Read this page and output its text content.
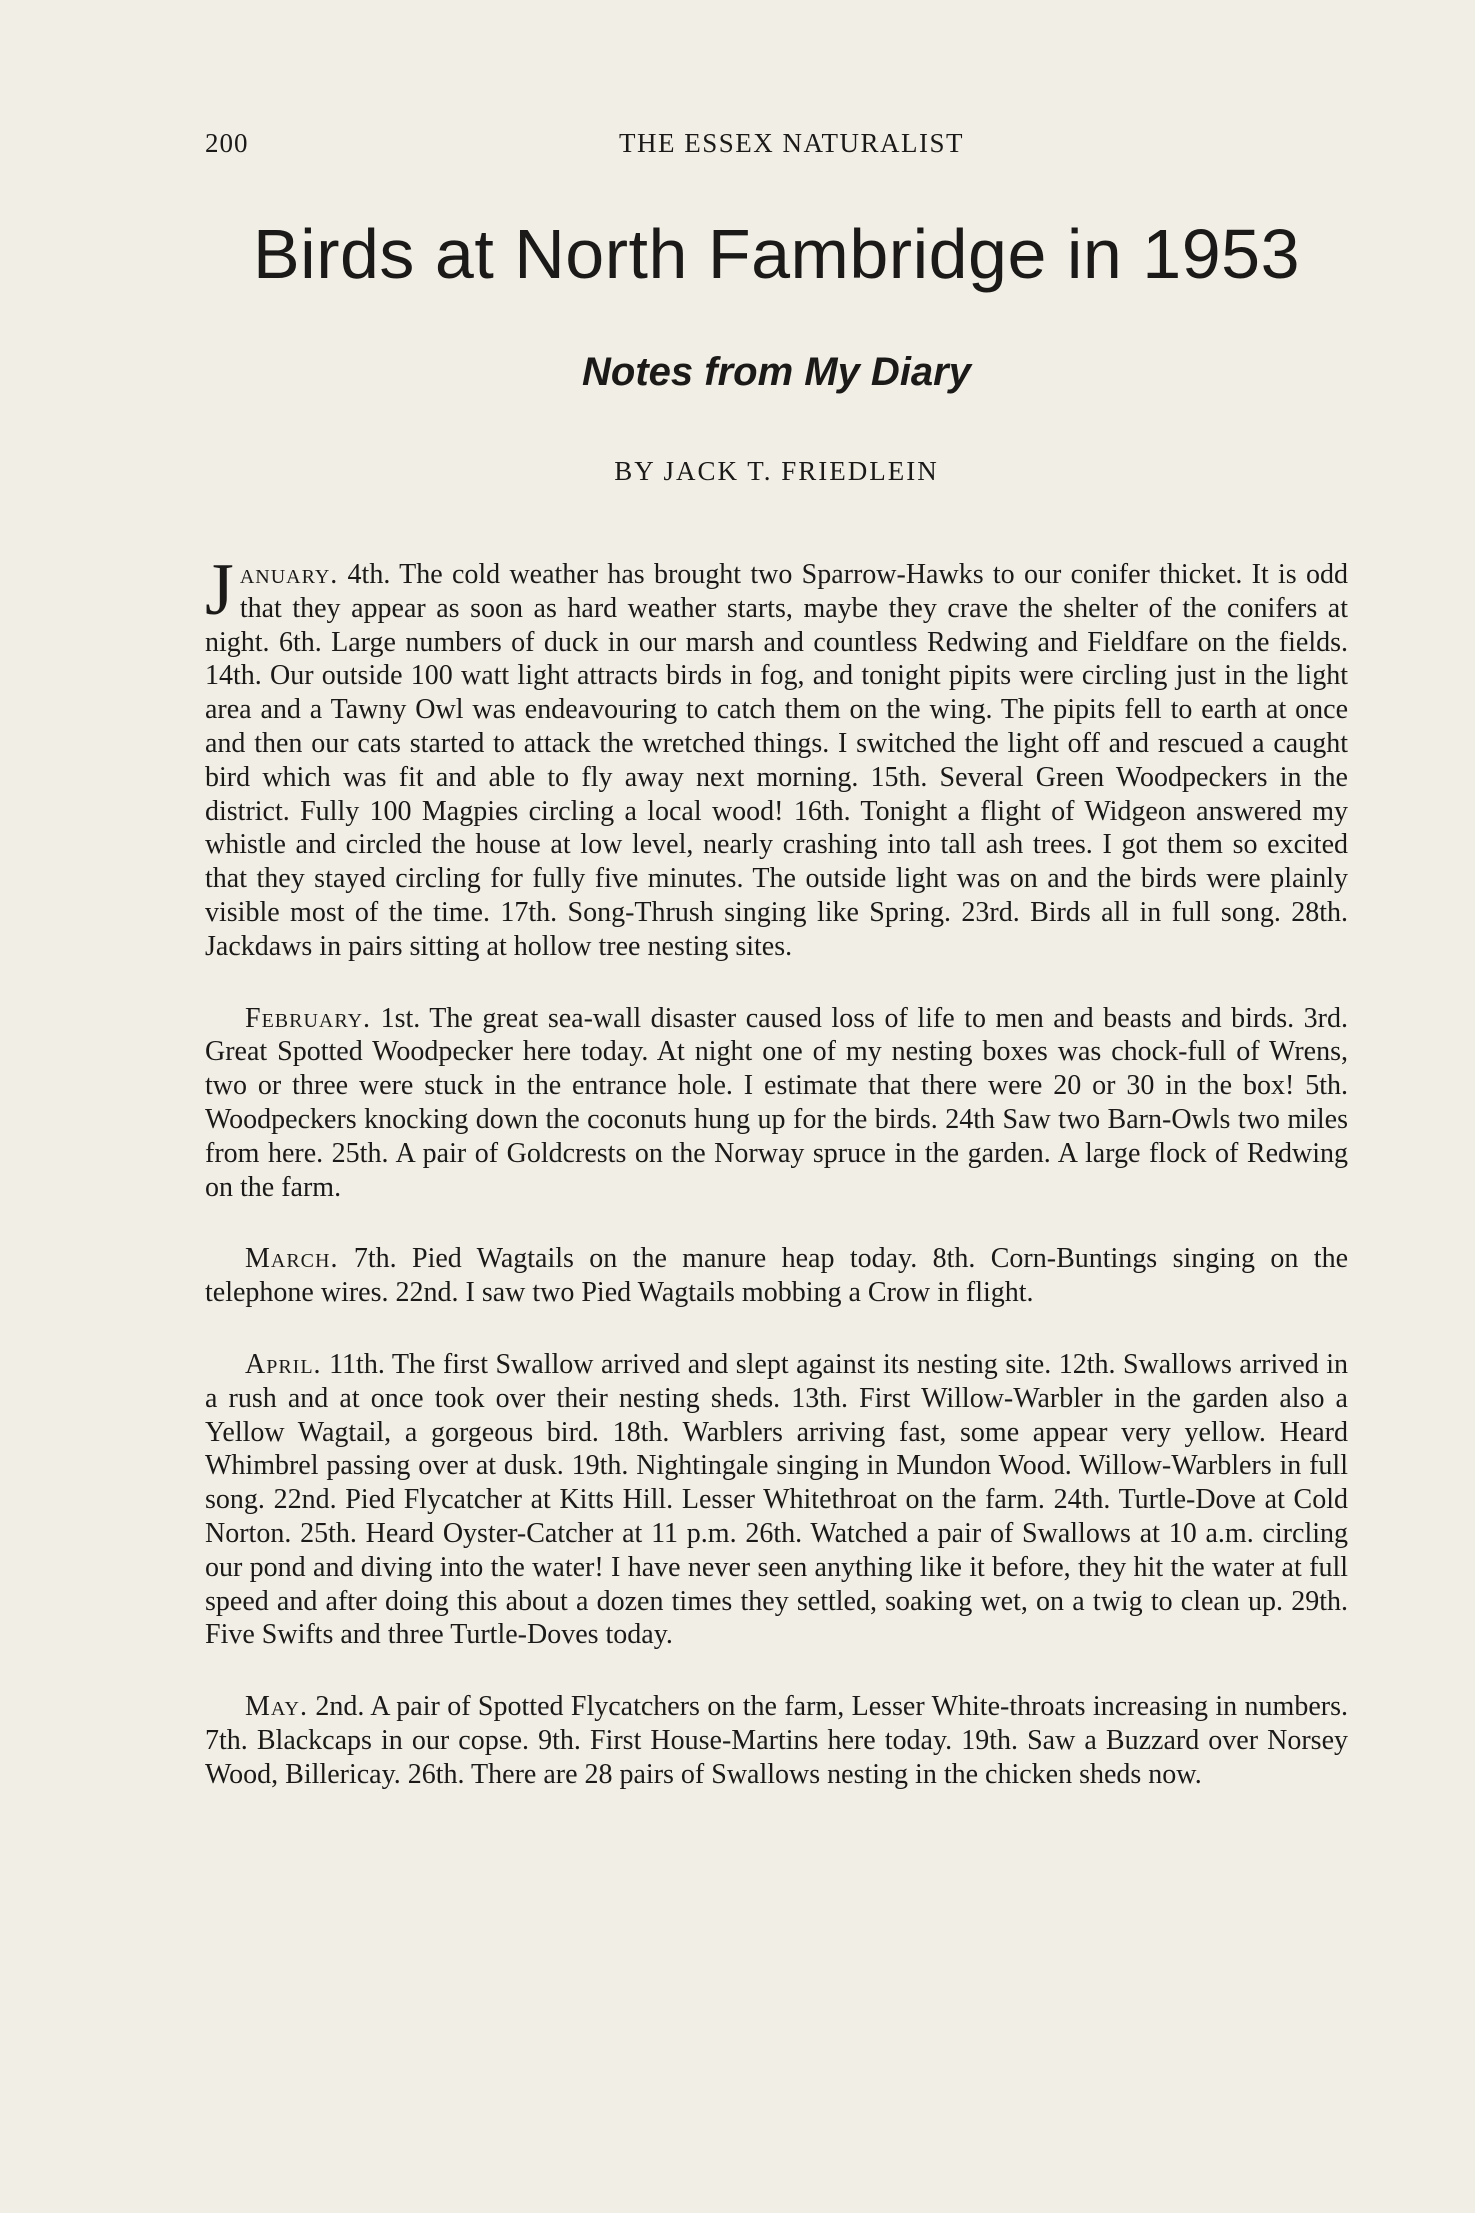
200	THE ESSEX NATURALIST
Birds at North Fambridge in 1953
Notes from My Diary
BY JACK T. FRIEDLEIN

January. 4th. The cold weather has brought two Sparrow-Hawks to our conifer thicket. It is odd that they appear as soon as hard weather starts, maybe they crave the shelter of the conifers at night. 6th. Large numbers of duck in our marsh and countless Redwing and Fieldfare on the fields. 14th. Our outside 100 watt light attracts birds in fog, and tonight pipits were circling just in the light area and a Tawny Owl was endeavouring to catch them on the wing. The pipits fell to earth at once and then our cats started to attack the wretched things. I switched the light off and rescued a caught bird which was fit and able to fly away next morning. 15th. Several Green Woodpeckers in the district. Fully 100 Magpies circling a local wood! 16th. Tonight a flight of Widgeon answered my whistle and circled the house at low level, nearly crashing into tall ash trees. I got them so excited that they stayed circling for fully five minutes. The outside light was on and the birds were plainly visible most of the time. 17th. Song-Thrush singing like Spring. 23rd. Birds all in full song. 28th. Jackdaws in pairs sitting at hollow tree nesting sites.

February. 1st. The great sea-wall disaster caused loss of life to men and beasts and birds. 3rd. Great Spotted Woodpecker here today. At night one of my nesting boxes was chock-full of Wrens, two or three were stuck in the entrance hole. I estimate that there were 20 or 30 in the box! 5th. Woodpeckers knocking down the coconuts hung up for the birds. 24th Saw two Barn-Owls two miles from here. 25th. A pair of Goldcrests on the Norway spruce in the garden. A large flock of Redwing on the farm.

March. 7th. Pied Wagtails on the manure heap today. 8th. Corn-Buntings singing on the telephone wires. 22nd. I saw two Pied Wagtails mobbing a Crow in flight.

April. 11th. The first Swallow arrived and slept against its nesting site. 12th. Swallows arrived in a rush and at once took over their nesting sheds. 13th. First Willow-Warbler in the garden also a Yellow Wagtail, a gorgeous bird. 18th. Warblers arriving fast, some appear very yellow. Heard Whimbrel passing over at dusk. 19th. Nightingale singing in Mundon Wood. Willow-Warblers in full song. 22nd. Pied Flycatcher at Kitts Hill. Lesser Whitethroat on the farm. 24th. Turtle-Dove at Cold Norton. 25th. Heard Oyster-Catcher at 11 p.m. 26th. Watched a pair of Swallows at 10 a.m. circling our pond and diving into the water! I have never seen anything like it before, they hit the water at full speed and after doing this about a dozen times they settled, soaking wet, on a twig to clean up. 29th. Five Swifts and three Turtle-Doves today.

May. 2nd. A pair of Spotted Flycatchers on the farm, Lesser White-throats increasing in numbers. 7th. Blackcaps in our copse. 9th. First House-Martins here today. 19th. Saw a Buzzard over Norsey Wood, Billericay. 26th. There are 28 pairs of Swallows nesting in the chicken sheds now.
